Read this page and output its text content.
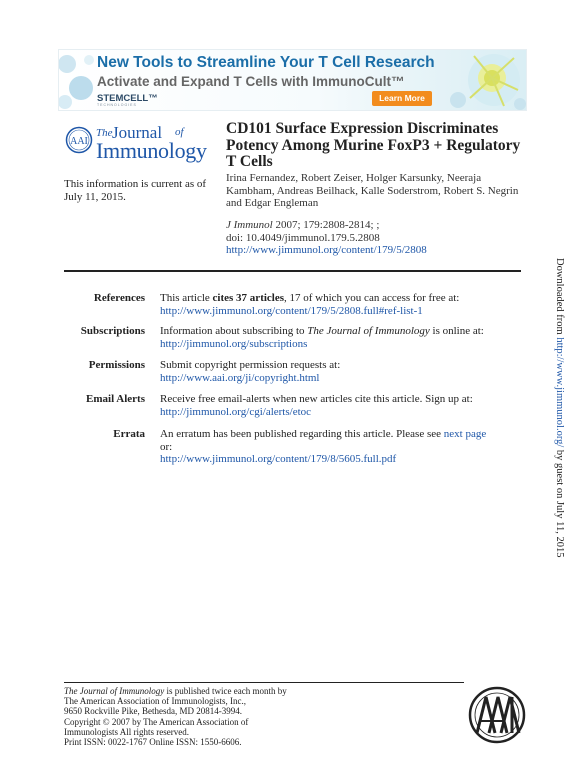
New Tools to Streamline Your T Cell Research
Activate and Expand T Cells with ImmunoCult™
STEMCELL™
TECHNOLOGIES
Learn More
AAI
The Journal of
Immunology
CD101 Surface Expression Discriminates Potency Among Murine FoxP3 + Regulatory T Cells
This information is current as of July 11, 2015.
Irina Fernandez, Robert Zeiser, Holger Karsunky, Neeraja Kambham, Andreas Beilhack, Kalle Soderstrom, Robert S. Negrin and Edgar Engleman
J Immunol 2007; 179:2808-2814; ;
doi: 10.4049/jimmunol.179.5.2808
http://www.jimmunol.org/content/179/5/2808
References This article cites 37 articles, 17 of which you can access for free at:
http://www.jimmunol.org/content/179/5/2808.full#ref-list-1
Subscriptions Information about subscribing to The Journal of Immunology is online at:
http://jimmunol.org/subscriptions
Permissions Submit copyright permission requests at:
http://www.aai.org/ji/copyright.html
Email Alerts Receive free email-alerts when new articles cite this article. Sign up at:
http://jimmunol.org/cgi/alerts/etoc
Errata An erratum has been published regarding this article. Please see next page
or:
http://www.jimmunol.org/content/179/8/5605.full.pdf
Downloaded from http://www.jimmunol.org/ by guest on July 11, 2015
The Journal of Immunology is published twice each month by
The American Association of Immunologists, Inc.,
9650 Rockville Pike, Bethesda, MD 20814-3994.
Copyright © 2007 by The American Association of
Immunologists All rights reserved.
Print ISSN: 0022-1767 Online ISSN: 1550-6606.
